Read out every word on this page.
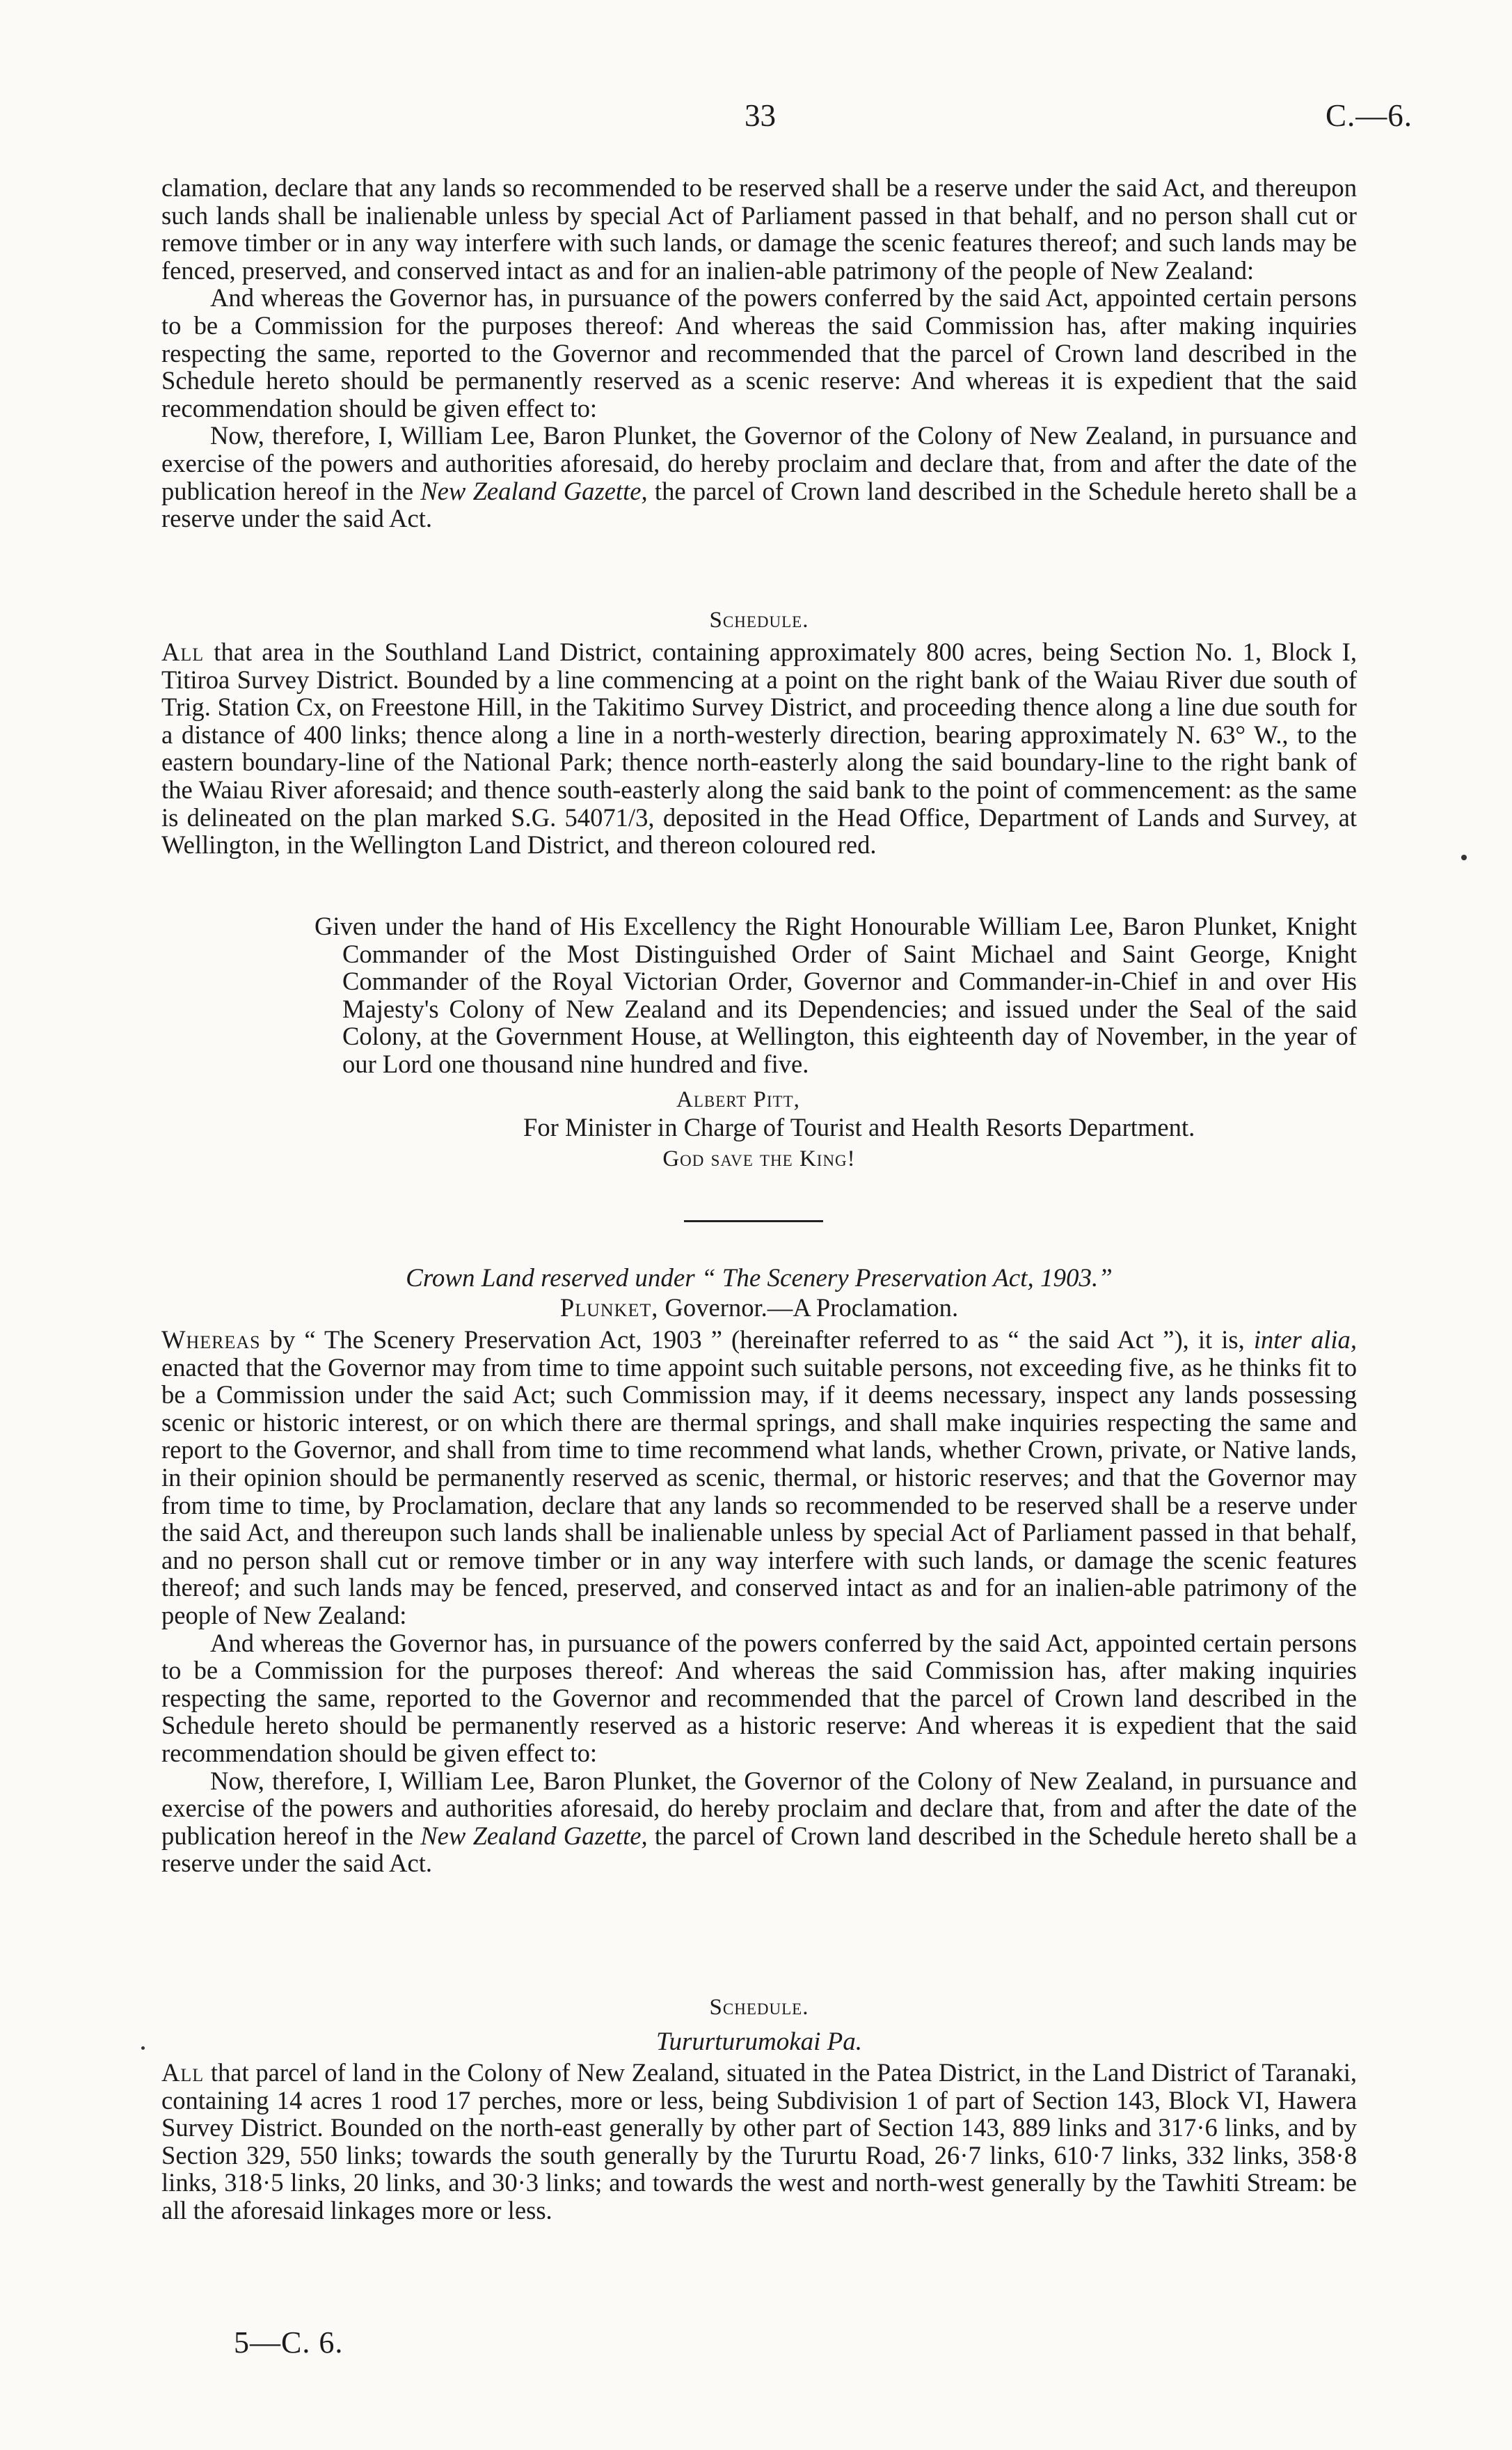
33	C.—6.

clamation, declare that any lands so recommended to be reserved shall be a reserve under the said Act, and thereupon such lands shall be inalienable unless by special Act of Parliament passed in that behalf, and no person shall cut or remove timber or in any way interfere with such lands, or damage the scenic features thereof; and such lands may be fenced, preserved, and conserved intact as and for an inalien-able patrimony of the people of New Zealand:

And whereas the Governor has, in pursuance of the powers conferred by the said Act, appointed certain persons to be a Commission for the purposes thereof: And whereas the said Commission has, after making inquiries respecting the same, reported to the Governor and recommended that the parcel of Crown land described in the Schedule hereto should be permanently reserved as a scenic reserve: And whereas it is expedient that the said recommendation should be given effect to:

Now, therefore, I, William Lee, Baron Plunket, the Governor of the Colony of New Zealand, in pursuance and exercise of the powers and authorities aforesaid, do hereby proclaim and declare that, from and after the date of the publication hereof in the New Zealand Gazette, the parcel of Crown land described in the Schedule hereto shall be a reserve under the said Act.

Schedule.

All that area in the Southland Land District, containing approximately 800 acres, being Section No. 1, Block I, Titiroa Survey District. Bounded by a line commencing at a point on the right bank of the Waiau River due south of Trig. Station Cx, on Freestone Hill, in the Takitimo Survey District, and proceeding thence along a line due south for a distance of 400 links; thence along a line in a north-westerly direction, bearing approximately N. 63° W., to the eastern boundary-line of the National Park; thence north-easterly along the said boundary-line to the right bank of the Waiau River aforesaid; and thence south-easterly along the said bank to the point of commencement: as the same is delineated on the plan marked S.G. 54071/3, deposited in the Head Office, Department of Lands and Survey, at Wellington, in the Wellington Land District, and thereon coloured red.

Given under the hand of His Excellency the Right Honourable William Lee, Baron Plunket, Knight Commander of the Most Distinguished Order of Saint Michael and Saint George, Knight Commander of the Royal Victorian Order, Governor and Commander-in-Chief in and over His Majesty's Colony of New Zealand and its Dependencies; and issued under the Seal of the said Colony, at the Government House, at Wellington, this eighteenth day of November, in the year of our Lord one thousand nine hundred and five.

Albert Pitt,
For Minister in Charge of Tourist and Health Resorts Department.
God save the King!
Crown Land reserved under “ The Scenery Preservation Act, 1903.”
Plunket, Governor.—A Proclamation.

Whereas by “ The Scenery Preservation Act, 1903 ” (hereinafter referred to as “ the said Act ”), it is, inter alia, enacted that the Governor may from time to time appoint such suitable persons, not exceeding five, as he thinks fit to be a Commission under the said Act; such Commission may, if it deems necessary, inspect any lands possessing scenic or historic interest, or on which there are thermal springs, and shall make inquiries respecting the same and report to the Governor, and shall from time to time recommend what lands, whether Crown, private, or Native lands, in their opinion should be permanently reserved as scenic, thermal, or historic reserves; and that the Governor may from time to time, by Proclamation, declare that any lands so recommended to be reserved shall be a reserve under the said Act, and thereupon such lands shall be inalienable unless by special Act of Parliament passed in that behalf, and no person shall cut or remove timber or in any way interfere with such lands, or damage the scenic features thereof; and such lands may be fenced, preserved, and conserved intact as and for an inalien-able patrimony of the people of New Zealand:

And whereas the Governor has, in pursuance of the powers conferred by the said Act, appointed certain persons to be a Commission for the purposes thereof: And whereas the said Commission has, after making inquiries respecting the same, reported to the Governor and recommended that the parcel of Crown land described in the Schedule hereto should be permanently reserved as a historic reserve: And whereas it is expedient that the said recommendation should be given effect to:

Now, therefore, I, William Lee, Baron Plunket, the Governor of the Colony of New Zealand, in pursuance and exercise of the powers and authorities aforesaid, do hereby proclaim and declare that, from and after the date of the publication hereof in the New Zealand Gazette, the parcel of Crown land described in the Schedule hereto shall be a reserve under the said Act.

Schedule.
Tururturumokai Pa.

All that parcel of land in the Colony of New Zealand, situated in the Patea District, in the Land District of Taranaki, containing 14 acres 1 rood 17 perches, more or less, being Subdivision 1 of part of Section 143, Block VI, Hawera Survey District. Bounded on the north-east generally by other part of Section 143, 889 links and 317·6 links, and by Section 329, 550 links; towards the south generally by the Tururtu Road, 26·7 links, 610·7 links, 332 links, 358·8 links, 318·5 links, 20 links, and 30·3 links; and towards the west and north-west generally by the Tawhiti Stream: be all the aforesaid linkages more or less.

5—C. 6.
